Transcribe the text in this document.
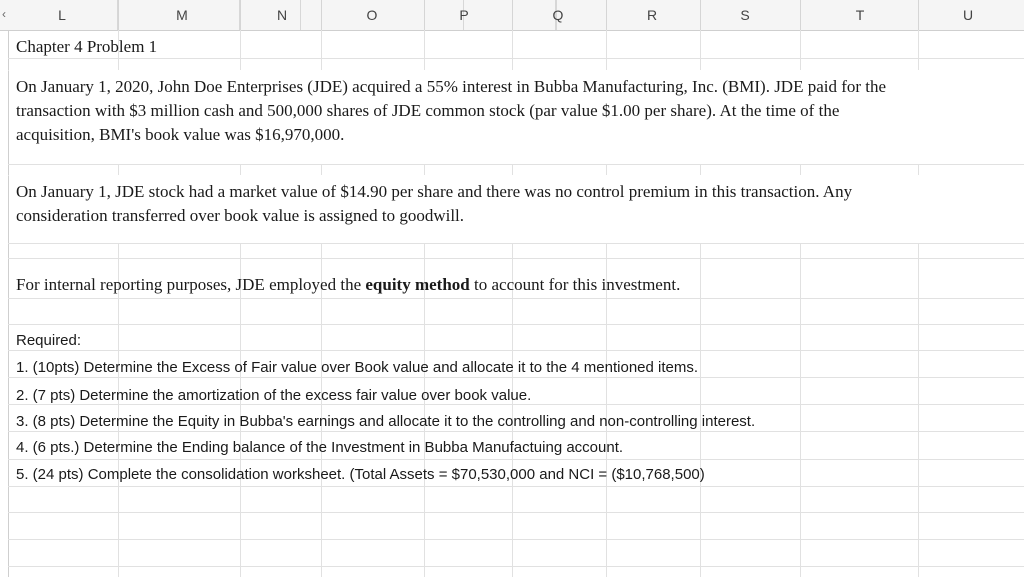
‹	L	M	N	O	P	Q	R	S	T	U
Chapter 4 Problem 1
On January 1, 2020, John Doe Enterprises (JDE) acquired a 55% interest in Bubba Manufacturing, Inc. (BMI). JDE paid for the
transaction with $3 million cash and 500,000 shares of JDE common stock (par value $1.00 per share). At the time of the
acquisition, BMI's book value was $16,970,000.
On January 1, JDE stock had a market value of $14.90 per share and there was no control premium in this transaction. Any
consideration transferred over book value is assigned to goodwill.
For internal reporting purposes, JDE employed the equity method to account for this investment.
Required:
1. (10pts) Determine the Excess of Fair value over Book value and allocate it to the 4 mentioned items.
2. (7 pts) Determine the amortization of the excess fair value over book value.
3. (8 pts) Determine the Equity in Bubba's earnings and allocate it to the controlling and non-controlling interest.
4. (6 pts.) Determine the Ending balance of the Investment in Bubba Manufactuing account.
5. (24 pts) Complete the consolidation worksheet. (Total Assets = $70,530,000 and NCI = ($10,768,500)
